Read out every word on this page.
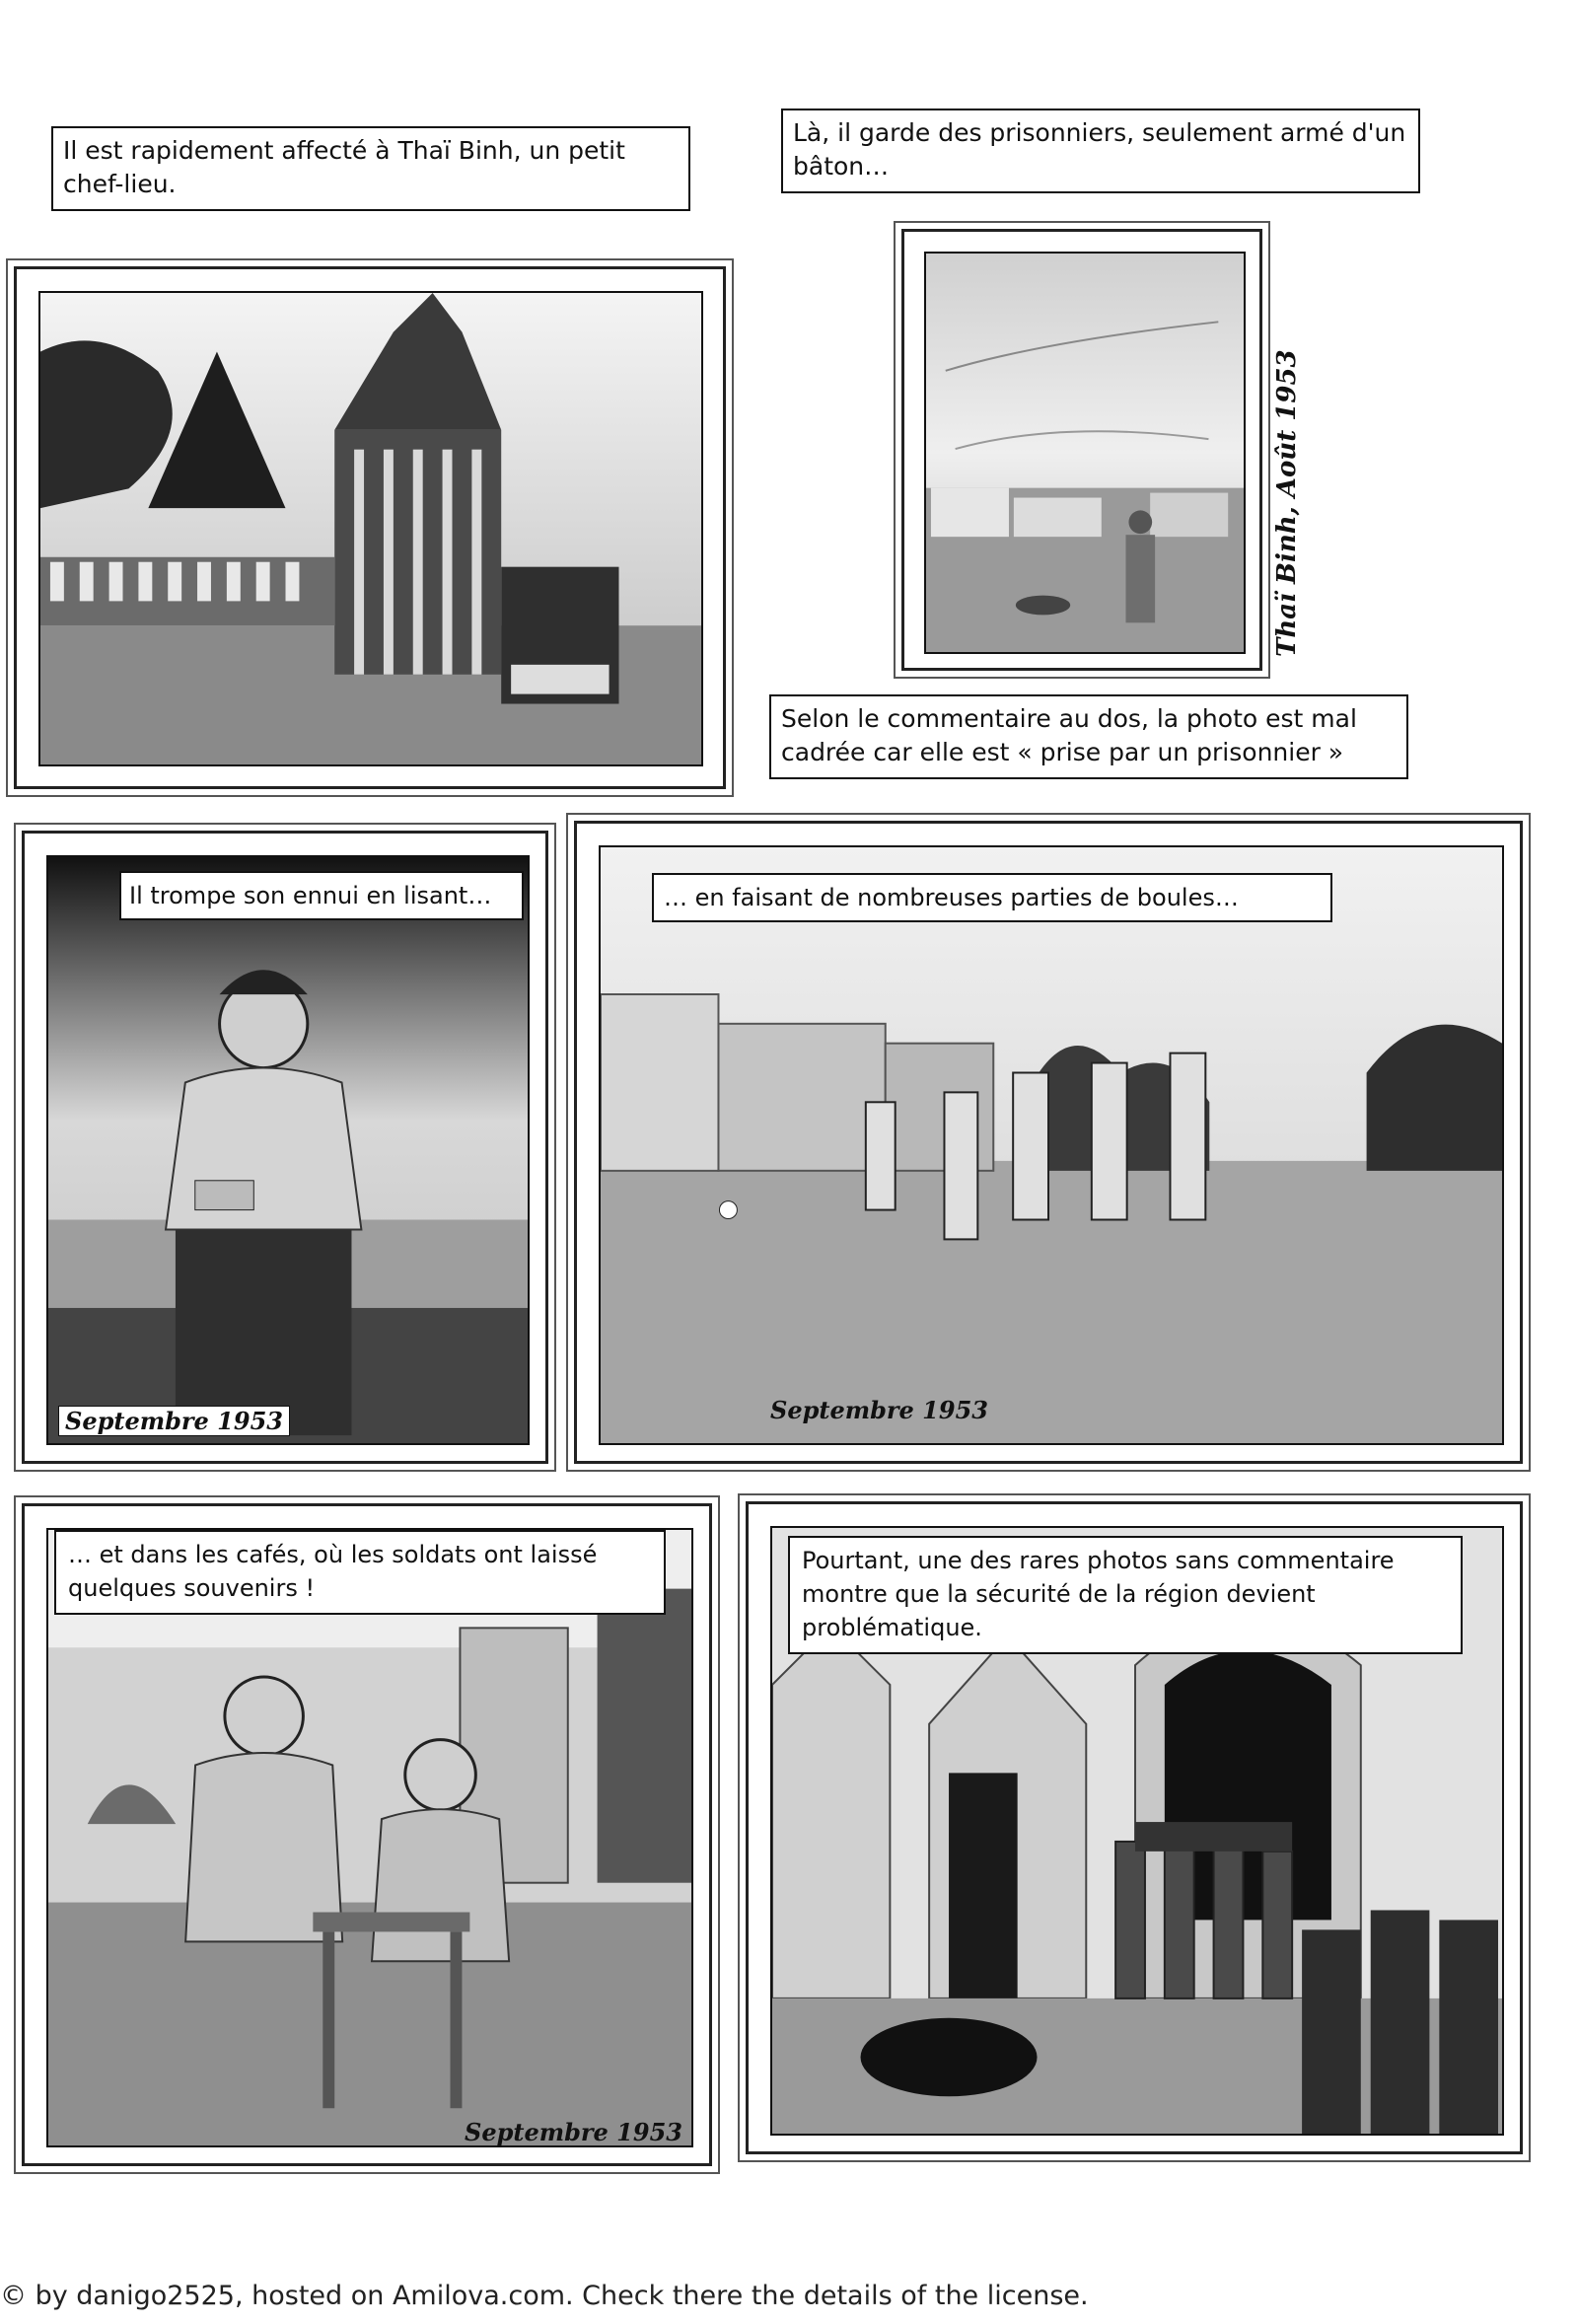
Il est rapidement affecté à Thaï Binh, un petit chef-lieu.
Là, il garde des prisonniers, seulement armé d'un bâton…
Thaï Binh, Août 1953
Selon le commentaire au dos, la photo est mal cadrée car elle est « prise par un prisonnier »
Il trompe son ennui en lisant…
Septembre 1953
… en faisant de nombreuses parties de boules…
Septembre 1953
… et dans les cafés, où les soldats ont laissé quelques souvenirs !
Septembre 1953
Pourtant, une des rares photos sans commentaire montre que la sécurité de la région devient problématique.
© by danigo2525, hosted on Amilova.com. Check there the details of the license.
